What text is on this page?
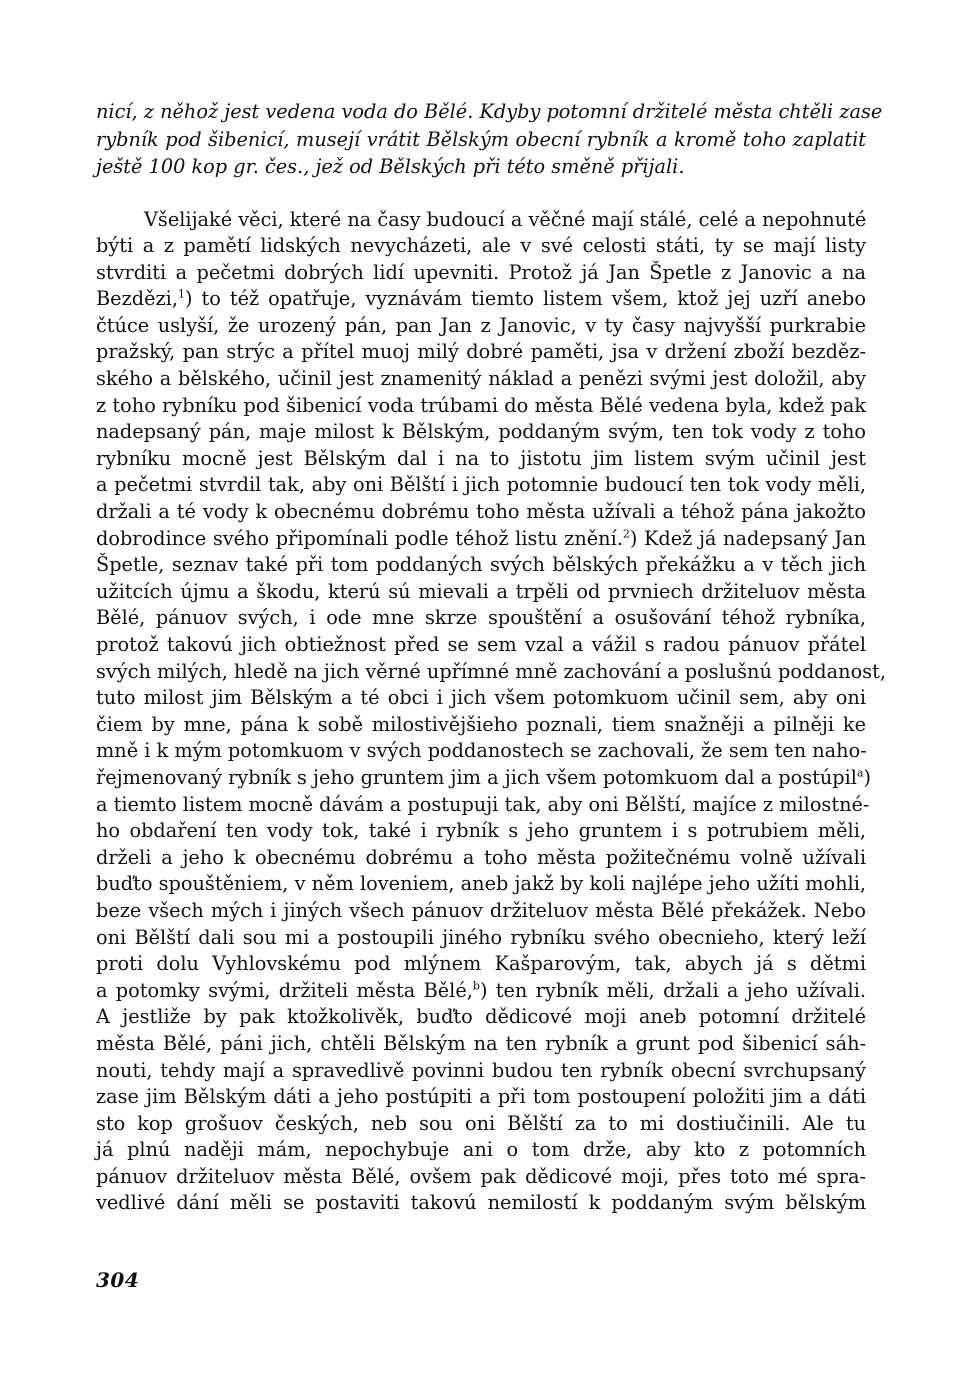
nicí, z něhož jest vedena voda do Bělé. Kdyby potomní držitelé města chtěli zase
rybník pod šibenicí, musejí vrátit Bělským obecní rybník a kromě toho zaplatit
ještě 100 kop gr. čes., jež od Bělských při této směně přijali.

Všelijaké věci, které na časy budoucí a věčné mají stálé, celé a nepohnuté
býti a z pamětí lidských nevycházeti, ale v své celosti státi, ty se mají listy
stvrditi a pečetmi dobrých lidí upevniti. Protož já Jan Špetle z Janovic a na
Bezdězi,$^1$) to též opatřuje, vyznávám tiemto listem všem, ktož jej uzří anebo
čtúce uslyší, že urozený pán, pan Jan z Janovic, v ty časy najvyšší purkrabie
pražský, pan strýc a přítel muoj milý dobré paměti, jsa v držení zboží bezděz-
ského a bělského, učinil jest znamenitý náklad a penězi svými jest doložil, aby
z toho rybníku pod šibenicí voda trúbami do města Bělé vedena byla, kdež pak
nadepsaný pán, maje milost k Bělským, poddaným svým, ten tok vody z toho
rybníku mocně jest Bělským dal i na to jistotu jim listem svým učinil jest
a pečetmi stvrdil tak, aby oni Bělští i jich potomnie budoucí ten tok vody měli,
držali a té vody k obecnému dobrému toho města užívali a téhož pána jakožto
dobrodince svého připomínali podle téhož listu znění.$^2$) Kdež já nadepsaný Jan
Špetle, seznav také při tom poddaných svých bělských překážku a v těch jich
užitcích újmu a škodu, kterú sú mievali a trpěli od prvniech držiteluov města
Bělé, pánuov svých, i ode mne skrze spouštění a osušování téhož rybníka,
protož takovú jich obtiežnost před se sem vzal a vážil s radou pánuov přátel
svých milých, hledě na jich věrné upřímné mně zachování a poslušnú poddanost,
tuto milost jim Bělským a té obci i jich všem potomkuom učinil sem, aby oni
čiem by mne, pána k sobě milostivějšieho poznali, tiem snažněji a pilněji ke
mně i k mým potomkuom v svých poddanostech se zachovali, že sem ten naho-
řejmenovaný rybník s jeho gruntem jim a jich všem potomkuom dal a postúpil$^a$)
a tiemto listem mocně dávám a postupuji tak, aby oni Bělští, majíce z milostné-
ho obdaření ten vody tok, také i rybník s jeho gruntem i s potrubiem měli,
drželi a jeho k obecnému dobrému a toho města požitečnému volně užívali
buďto spouštěniem, v něm loveniem, aneb jakž by koli najlépe jeho užíti mohli,
beze všech mých i jiných všech pánuov držiteluov města Bělé překážek. Nebo
oni Bělští dali sou mi a postoupili jiného rybníku svého obecnieho, který leží
proti dolu Vyhlovskému pod mlýnem Kašparovým, tak, abych já s dětmi
a potomky svými, držiteli města Bělé,$^b$) ten rybník měli, držali a jeho užívali.
A jestliže by pak ktožkolivěk, buďto dědicové moji aneb potomní držitelé
města Bělé, páni jich, chtěli Bělským na ten rybník a grunt pod šibenicí sáh-
nouti, tehdy mají a spravedlivě povinni budou ten rybník obecní svrchupsaný
zase jim Bělským dáti a jeho postúpiti a při tom postoupení položiti jim a dáti
sto kop grošuov českých, neb sou oni Bělští za to mi dostiučinili. Ale tu
já plnú naději mám, nepochybuje ani o tom drže, aby kto z potomních
pánuov držiteluov města Bělé, ovšem pak dědicové moji, přes toto mé spra-
vedlivé dání měli se postaviti takovú nemilostí k poddaným svým bělským

304
